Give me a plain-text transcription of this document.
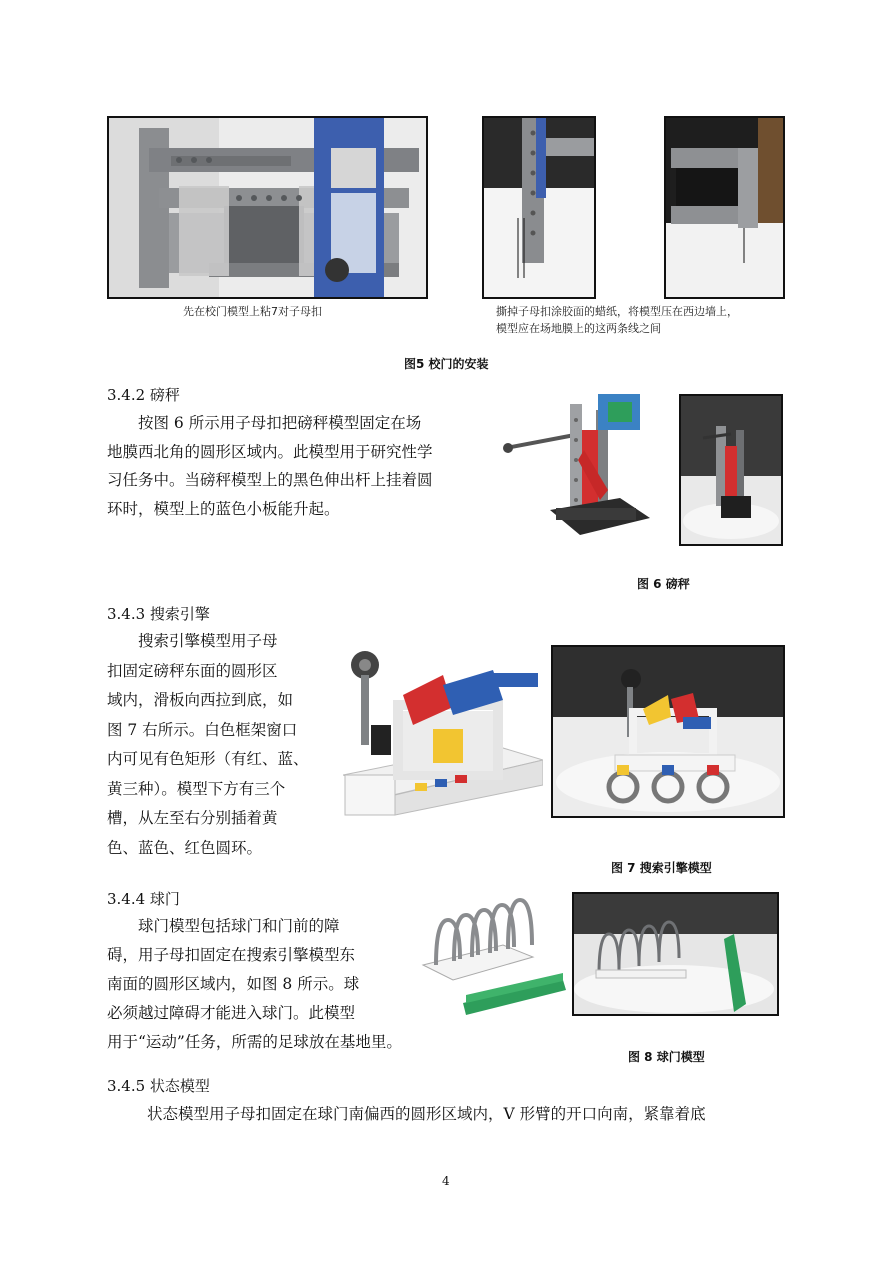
先在校门模型上粘7对子母扣	撕掉子母扣涂胶面的蜡纸，将模型压在西边墙上，
模型应在场地膜上的这两条线之间
图5 校门的安装
3.4.2 磅秤

按图 6 所示用子母扣把磅秤模型固定在场

地膜西北角的圆形区域内。此模型用于研究性学

习任务中。当磅秤模型上的黑色伸出杆上挂着圆

环时，模型上的蓝色小板能升起。

图 6 磅秤
3.4.3 搜索引擎

搜索引擎模型用子母

扣固定磅秤东面的圆形区

域内，滑板向西拉到底，如

图 7 右所示。白色框架窗口

内可见有色矩形（有红、蓝、

黄三种）。模型下方有三个

槽，从左至右分别插着黄

色、蓝色、红色圆环。

图 7 搜索引擎模型
3.4.4 球门

球门模型包括球门和门前的障

碍，用子母扣固定在搜索引擎模型东

南面的圆形区域内，如图 8 所示。球

必须越过障碍才能进入球门。此模型

用于“运动”任务，所需的足球放在基地里。

图 8 球门模型
3.4.5 状态模型
状态模型用子母扣固定在球门南偏西的圆形区域内，V 形臂的开口向南，紧靠着底
4
